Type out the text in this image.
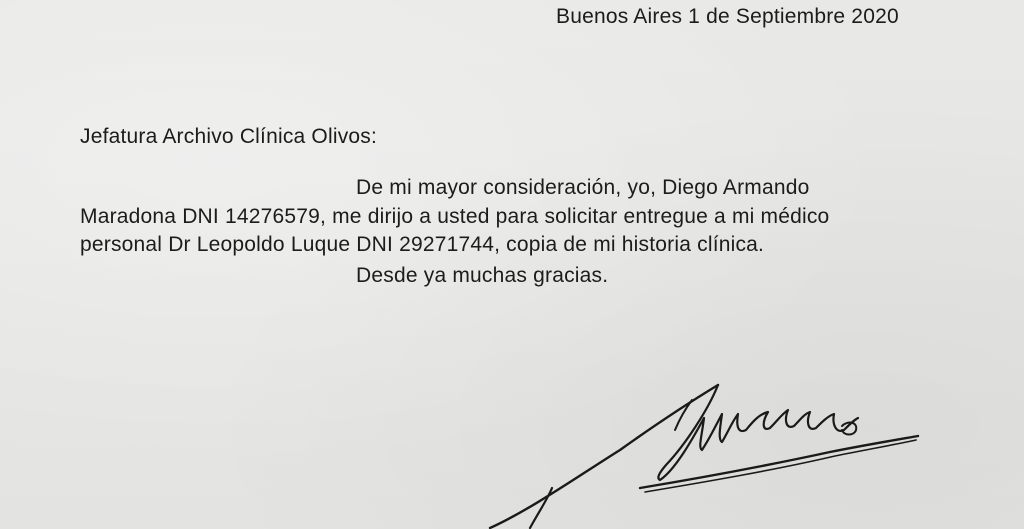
Buenos Aires 1 de Septiembre 2020
Jefatura Archivo Clínica Olivos:
De mi mayor consideración, yo, Diego Armando
Maradona DNI 14276579, me dirijo a usted para solicitar entregue a mi médico
personal Dr Leopoldo Luque DNI 29271744, copia de mi historia clínica.
Desde ya muchas gracias.
